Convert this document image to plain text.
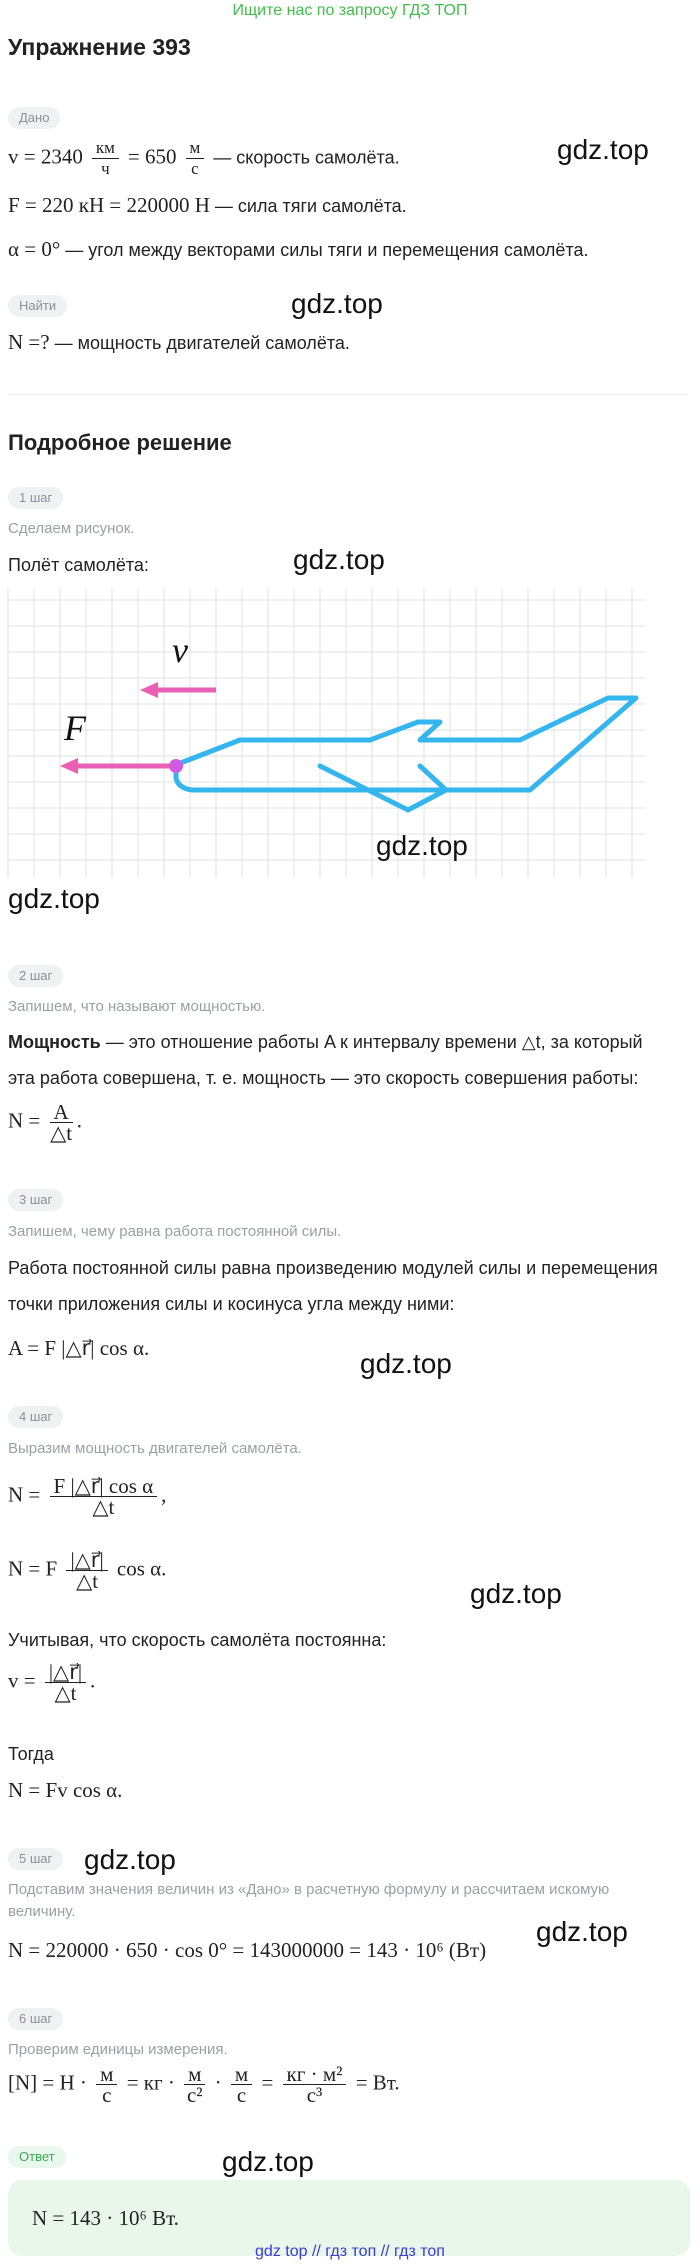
Ищите нас по запросу ГДЗ ТОП
Упражнение 393
Дано
$v = 2340 \frac{км}{ч} = 650 \frac{м}{с}$ — скорость самолёта.
F = 220 кН = 220000 Н — сила тяги самолёта.
α = 0° — угол между векторами силы тяги и перемещения самолёта.
Найти
N =? — мощность двигателей самолёта.
Подробное решение
1 шаг
Сделаем рисунок.
Полёт самолёта:
v⃗
F⃗
2 шаг
Запишем, что называют мощностью.
Мощность — это отношение работы A к интервалу времени △t, за который
эта работа совершена, т. е. мощность — это скорость совершения работы:
$N = \frac{A}{\triangle t}$ .
3 шаг
Запишем, чему равна работа постоянной силы.
Работа постоянной силы равна произведению модулей силы и перемещения
точки приложения силы и косинуса угла между ними:
A = F |△r⃗| cos α.
4 шаг
Выразим мощность двигателей самолёта.
$N = \frac{\text{F |△r⃗| cos α}}{\triangle t}$ ,
N = F $\frac{|\triangle r⃗|}{\triangle t}$ cos α.
Учитывая, что скорость самолёта постоянна:
$v = \frac{|\triangle r⃗|}{\triangle t}$ .
Тогда
N = Fv cos α.
5 шаг
Подставим значения величин из «Дано» в расчетную формулу и рассчитаем искомую
величину.
N = 220000 · 650 · cos 0° = 143000000 = 143 · 10⁶ (Вт)
6 шаг
Проверим единицы измерения.
$[N] = Н \cdot \frac{м}{с}$ = кг · $\frac{м}{\text{с²}} \cdot \frac{м}{с} = \frac{\text{кг · м²}}{\text{с³}}$ = Вт.
Ответ
N = 143 · 10⁶ Вт.
gdz.top
gdz.top
gdz.top
gdz.top
gdz.top
gdz.top
gdz.top
gdz.top
gdz.top
gdz.top
gdz top // гдз топ // гдз топ
